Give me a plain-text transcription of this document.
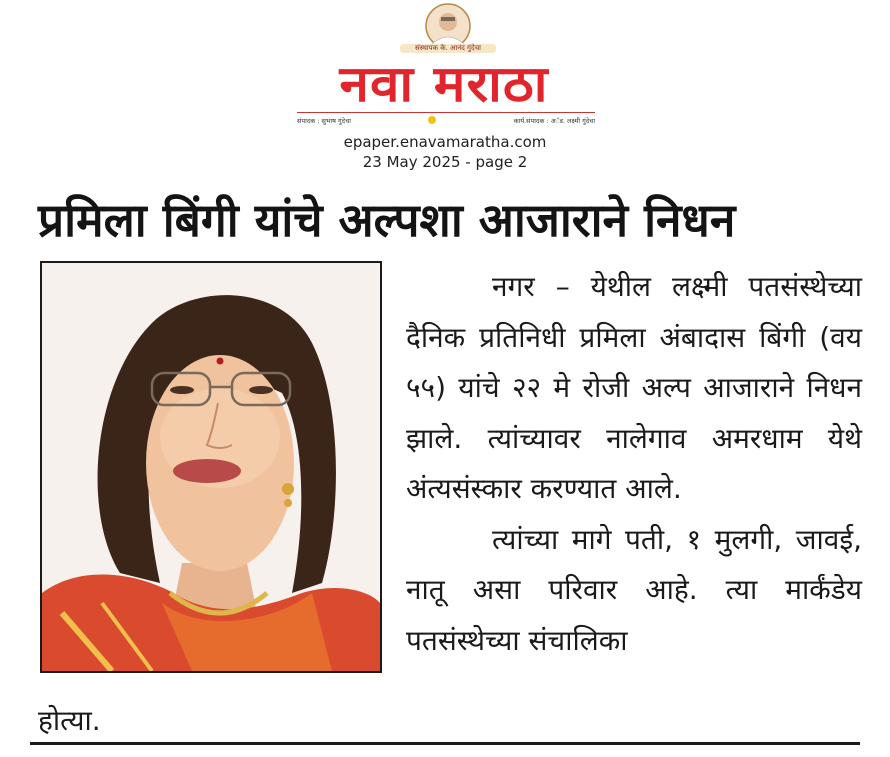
संस्थापक के. आनंद गुंदेचा
नवा मराठा
संपादक : सुभाष गुंदेचा	कार्य.संपादक : अॅड. लक्ष्मी गुंदेचा
epaper.enavamaratha.com
23 May 2025 - page 2
प्रमिला बिंगी यांचे अल्पशा आजाराने निधन

नगर – येथील लक्ष्मी पतसंस्थेच्या दैनिक प्रतिनिधी प्रमिला अंबादास बिंगी (वय ५५) यांचे २२ मे रोजी अल्प आजाराने निधन झाले. त्यांच्यावर नालेगाव अमरधाम येथे अंत्यसंस्कार करण्यात आले.

त्यांच्या मागे पती, १ मुलगी, जावई, नातू असा परिवार आहे. त्या मार्कंडेय पतसंस्थेच्या संचालिका

होत्या.
